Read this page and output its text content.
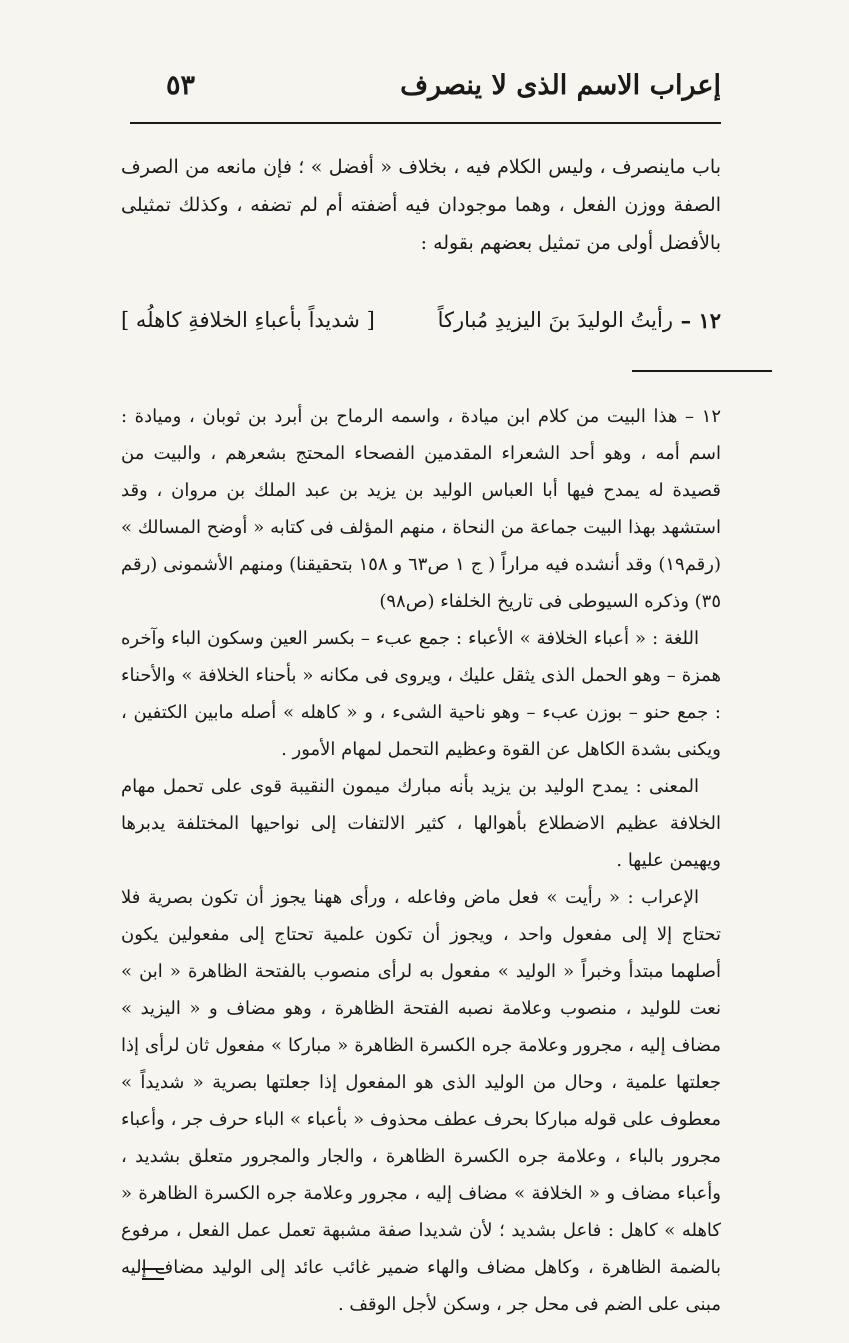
إعراب الاسم الذى لا ينصرف
٥٣

باب ماينصرف ، وليس الكلام فيه ، بخلاف « أفضل » ؛ فإن مانعه من الصرف الصفة ووزن الفعل ، وهما موجودان فيه أضفته أم لم تضفه ، وكذلك تمثيلى بالأفضل أولى من تمثيل بعضهم بقوله :

١٢ –
رأيتُ الوليدَ بنَ اليزيدِ مُباركاً
[ شديداً بأعباءِ الخلافةِ كاهلُه ]

١٢ – هذا البيت من كلام ابن ميادة ، واسمه الرماح بن أبرد بن ثوبان ، وميادة : اسم أمه ، وهو أحد الشعراء المقدمين الفصحاء المحتج بشعرهم ، والبيت من قصيدة له يمدح فيها أبا العباس الوليد بن يزيد بن عبد الملك بن مروان ، وقد استشهد بهذا البيت جماعة من النحاة ، منهم المؤلف فى كتابه « أوضح المسالك » (رقم١٩) وقد أنشده فيه مراراً ( ج ١ ص٦٣ و ١٥٨ بتحقيقنا) ومنهم الأشمونى (رقم ٣٥) وذكره السيوطى فى تاريخ الخلفاء (ص٩٨)

اللغة : « أعباء الخلافة » الأعباء : جمع عبء – بكسر العين وسكون الباء وآخره همزة – وهو الحمل الذى يثقل عليك ، ويروى فى مكانه « بأحناء الخلافة » والأحناء : جمع حنو – بوزن عبء – وهو ناحية الشىء ، و « كاهله » أصله مابين الكتفين ، ويكنى بشدة الكاهل عن القوة وعظيم التحمل لمهام الأمور .

المعنى : يمدح الوليد بن يزيد بأنه مبارك ميمون النقيبة قوى على تحمل مهام الخلافة عظيم الاضطلاع بأهوالها ، كثير الالتفات إلى نواحيها المختلفة يدبرها ويهيمن عليها .

الإعراب : « رأيت » فعل ماض وفاعله ، ورأى ههنا يجوز أن تكون بصرية فلا تحتاج إلا إلى مفعول واحد ، ويجوز أن تكون علمية تحتاج إلى مفعولين يكون أصلهما مبتدأ وخبراً « الوليد » مفعول به لرأى منصوب بالفتحة الظاهرة « ابن » نعت للوليد ، منصوب وعلامة نصبه الفتحة الظاهرة ، وهو مضاف و « اليزيد » مضاف إليه ، مجرور وعلامة جره الكسرة الظاهرة « مباركا » مفعول ثان لرأى إذا جعلتها علمية ، وحال من الوليد الذى هو المفعول إذا جعلتها بصرية « شديداً » معطوف على قوله مباركا بحرف عطف محذوف « بأعباء » الباء حرف جر ، وأعباء مجرور بالباء ، وعلامة جره الكسرة الظاهرة ، والجار والمجرور متعلق بشديد ، وأعباء مضاف و « الخلافة » مضاف إليه ، مجرور وعلامة جره الكسرة الظاهرة « كاهله » كاهل : فاعل بشديد ؛ لأن شديدا صفة مشبهة تعمل عمل الفعل ، مرفوع بالضمة الظاهرة ، وكاهل مضاف والهاء ضمير غائب عائد إلى الوليد مضاف إليه مبنى على الضم فى محل جر ، وسكن لأجل الوقف .
